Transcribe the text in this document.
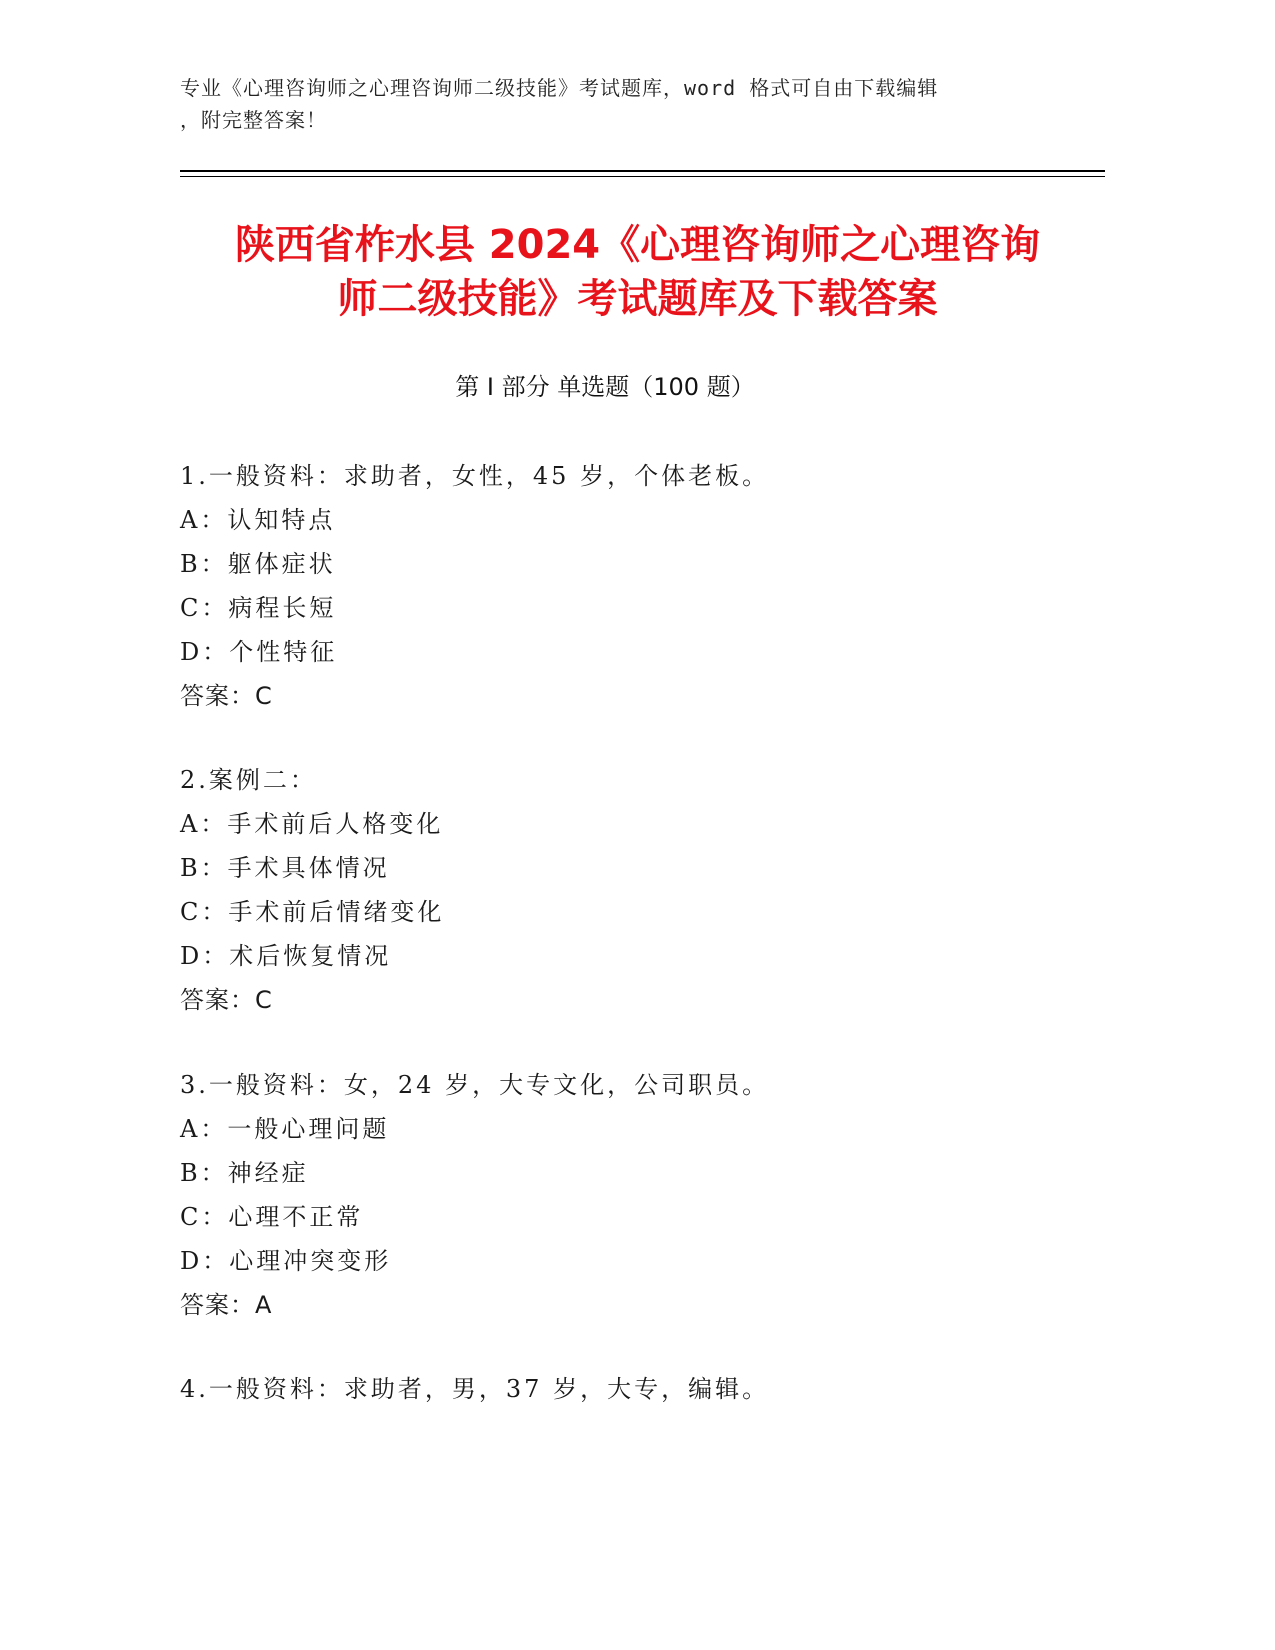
专业《心理咨询师之心理咨询师二级技能》考试题库，word 格式可自由下载编辑
，附完整答案！
陕西省柞水县 2024《心理咨询师之心理咨询
师二级技能》考试题库及下载答案
第 I 部分 单选题（100 题）
1.一般资料：求助者，女性，45 岁，个体老板。
A：认知特点
B：躯体症状
C：病程长短
D：个性特征
答案：C
2.案例二：
A：手术前后人格变化
B：手术具体情况
C：手术前后情绪变化
D：术后恢复情况
答案：C
3.一般资料：女，24 岁，大专文化，公司职员。
A：一般心理问题
B：神经症
C：心理不正常
D：心理冲突变形
答案：A
4.一般资料：求助者，男，37 岁，大专，编辑。
